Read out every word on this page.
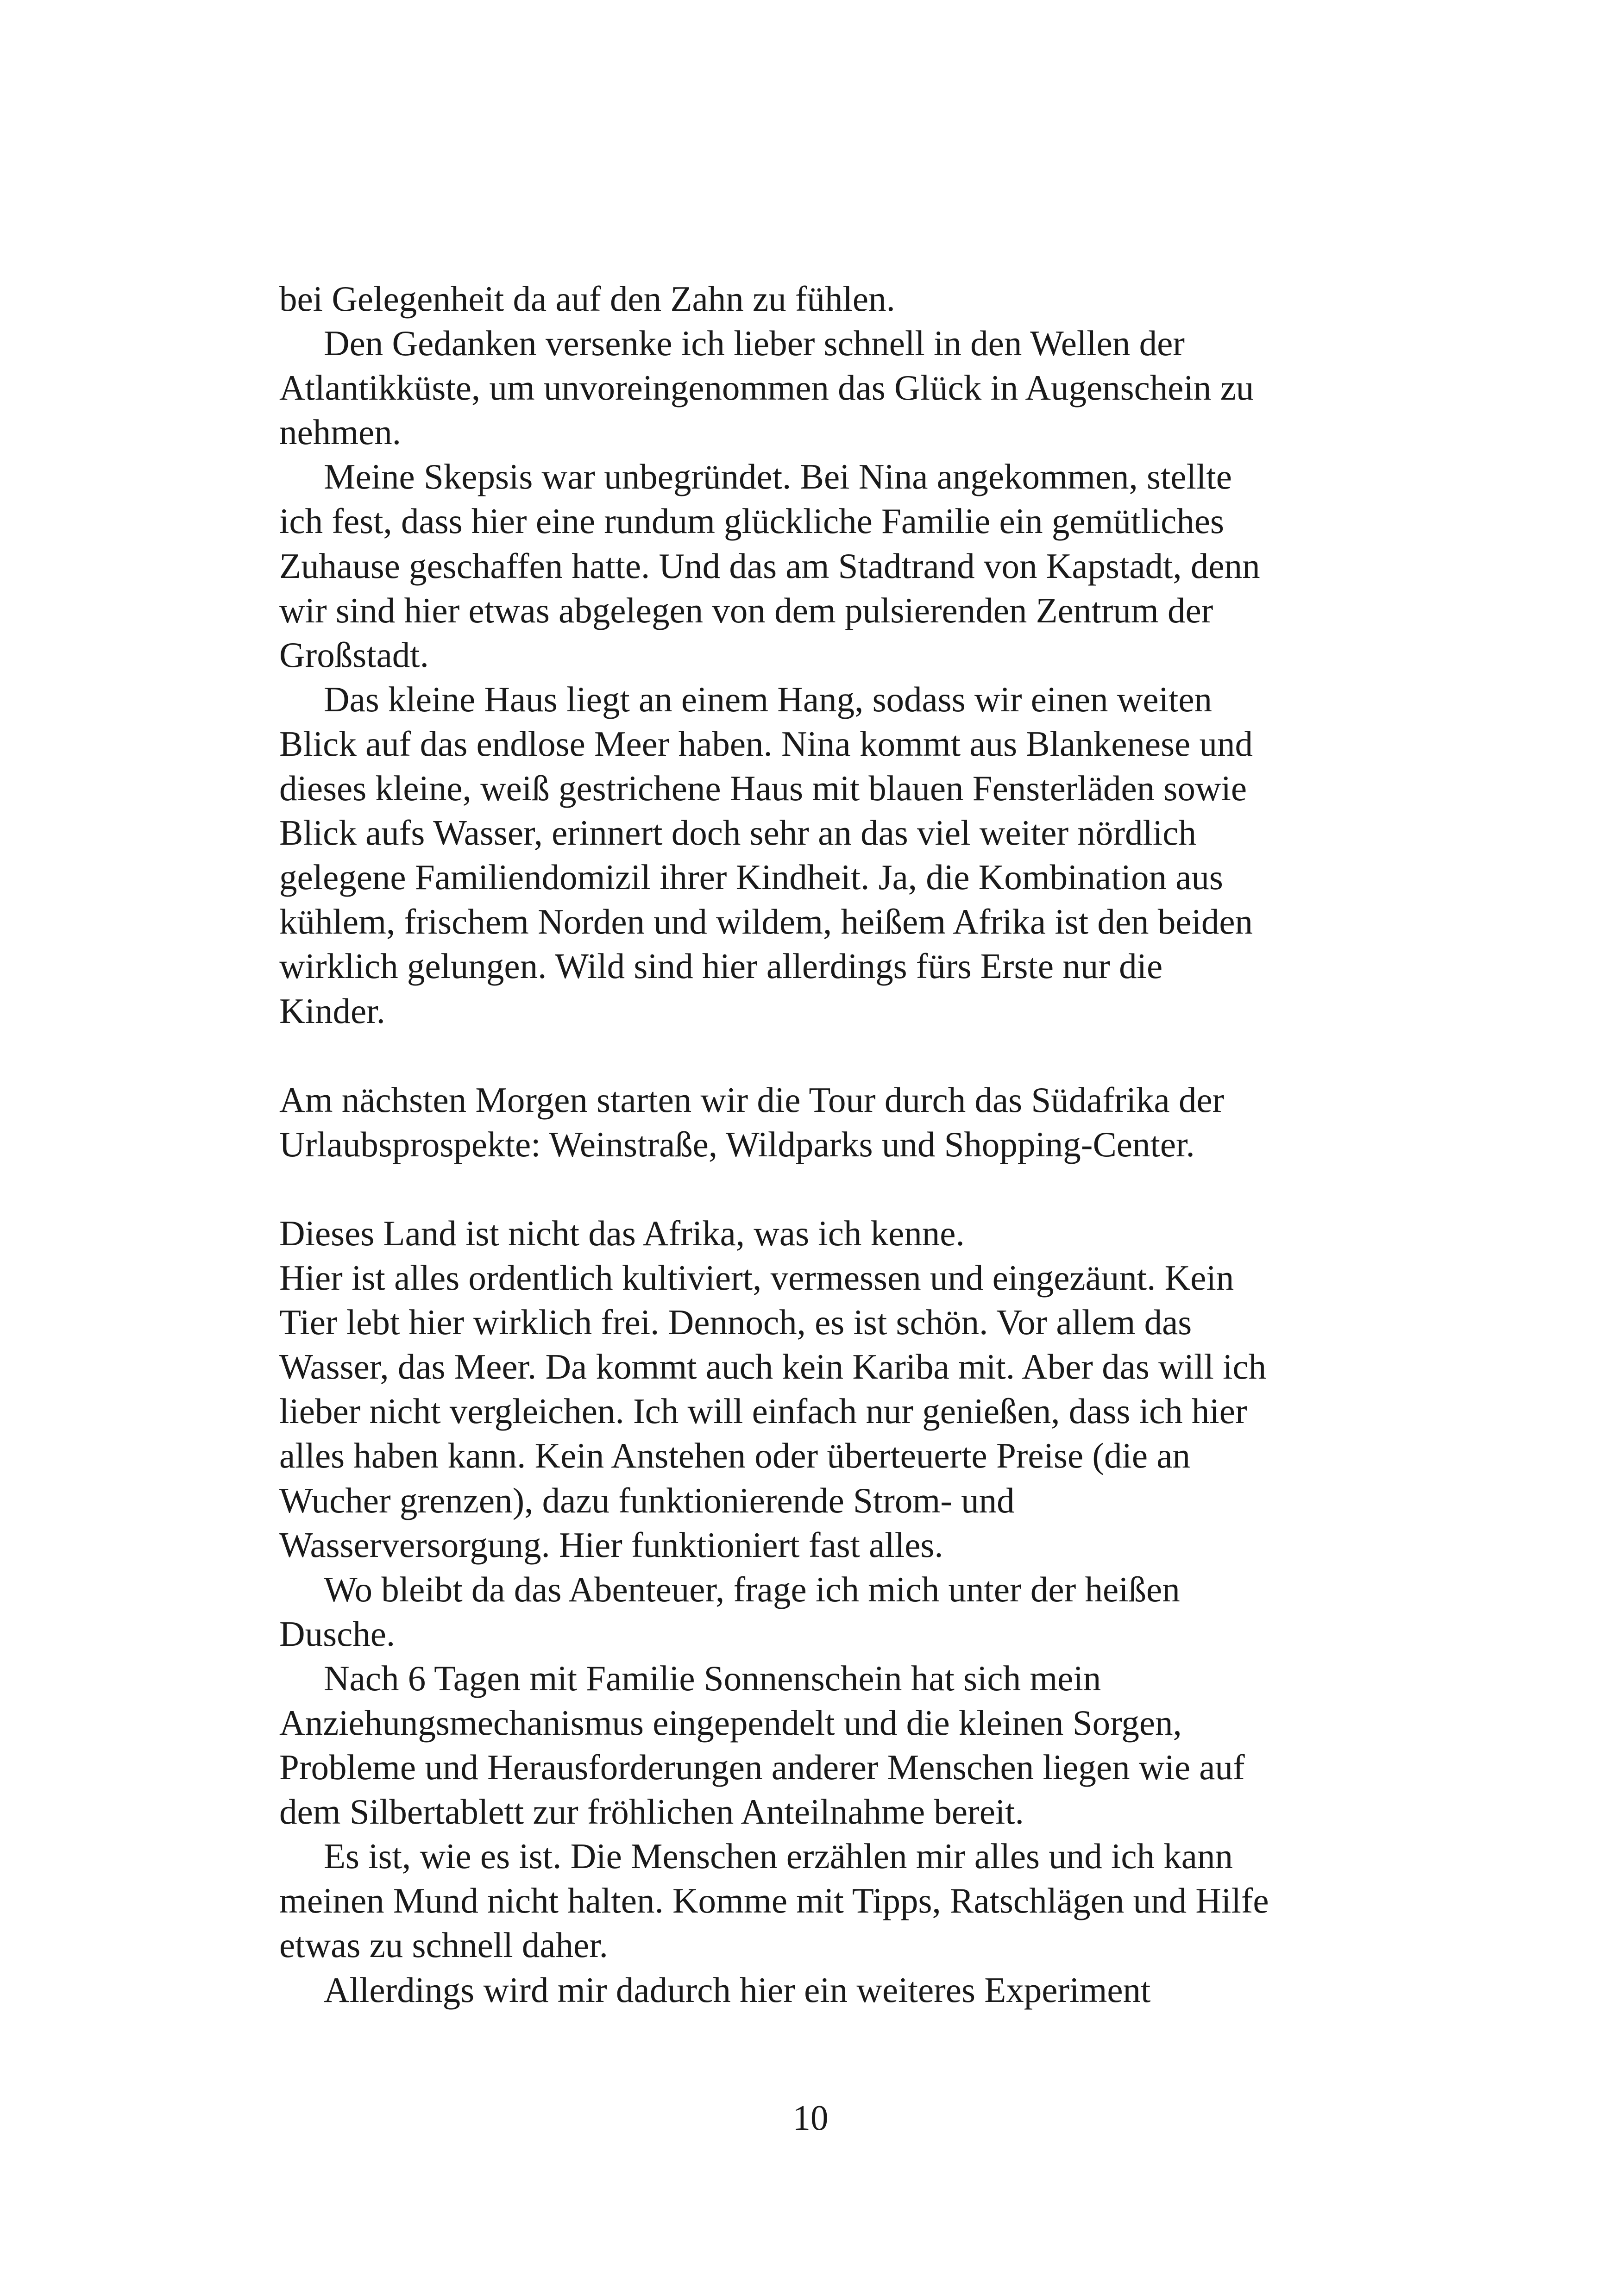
bei Gelegenheit da auf den Zahn zu fühlen.
Den Gedanken versenke ich lieber schnell in den Wellen der
Atlantikküste, um unvoreingenommen das Glück in Augenschein zu
nehmen.
Meine Skepsis war unbegründet. Bei Nina angekommen, stellte
ich fest, dass hier eine rundum glückliche Familie ein gemütliches
Zuhause geschaffen hatte. Und das am Stadtrand von Kapstadt, denn
wir sind hier etwas abgelegen von dem pulsierenden Zentrum der
Großstadt.
Das kleine Haus liegt an einem Hang, sodass wir einen weiten
Blick auf das endlose Meer haben. Nina kommt aus Blankenese und
dieses kleine, weiß gestrichene Haus mit blauen Fensterläden sowie
Blick aufs Wasser, erinnert doch sehr an das viel weiter nördlich
gelegene Familiendomizil ihrer Kindheit. Ja, die Kombination aus
kühlem, frischem Norden und wildem, heißem Afrika ist den beiden
wirklich gelungen. Wild sind hier allerdings fürs Erste nur die
Kinder.
Am nächsten Morgen starten wir die Tour durch das Südafrika der
Urlaubsprospekte: Weinstraße, Wildparks und Shopping-Center.
Dieses Land ist nicht das Afrika, was ich kenne.
Hier ist alles ordentlich kultiviert, vermessen und eingezäunt. Kein
Tier lebt hier wirklich frei. Dennoch, es ist schön. Vor allem das
Wasser, das Meer. Da kommt auch kein Kariba mit. Aber das will ich
lieber nicht vergleichen. Ich will einfach nur genießen, dass ich hier
alles haben kann. Kein Anstehen oder überteuerte Preise (die an
Wucher grenzen), dazu funktionierende Strom- und
Wasserversorgung. Hier funktioniert fast alles.
Wo bleibt da das Abenteuer, frage ich mich unter der heißen
Dusche.
Nach 6 Tagen mit Familie Sonnenschein hat sich mein
Anziehungsmechanismus eingependelt und die kleinen Sorgen,
Probleme und Herausforderungen anderer Menschen liegen wie auf
dem Silbertablett zur fröhlichen Anteilnahme bereit.
Es ist, wie es ist. Die Menschen erzählen mir alles und ich kann
meinen Mund nicht halten. Komme mit Tipps, Ratschlägen und Hilfe
etwas zu schnell daher.
Allerdings wird mir dadurch hier ein weiteres Experiment
10
